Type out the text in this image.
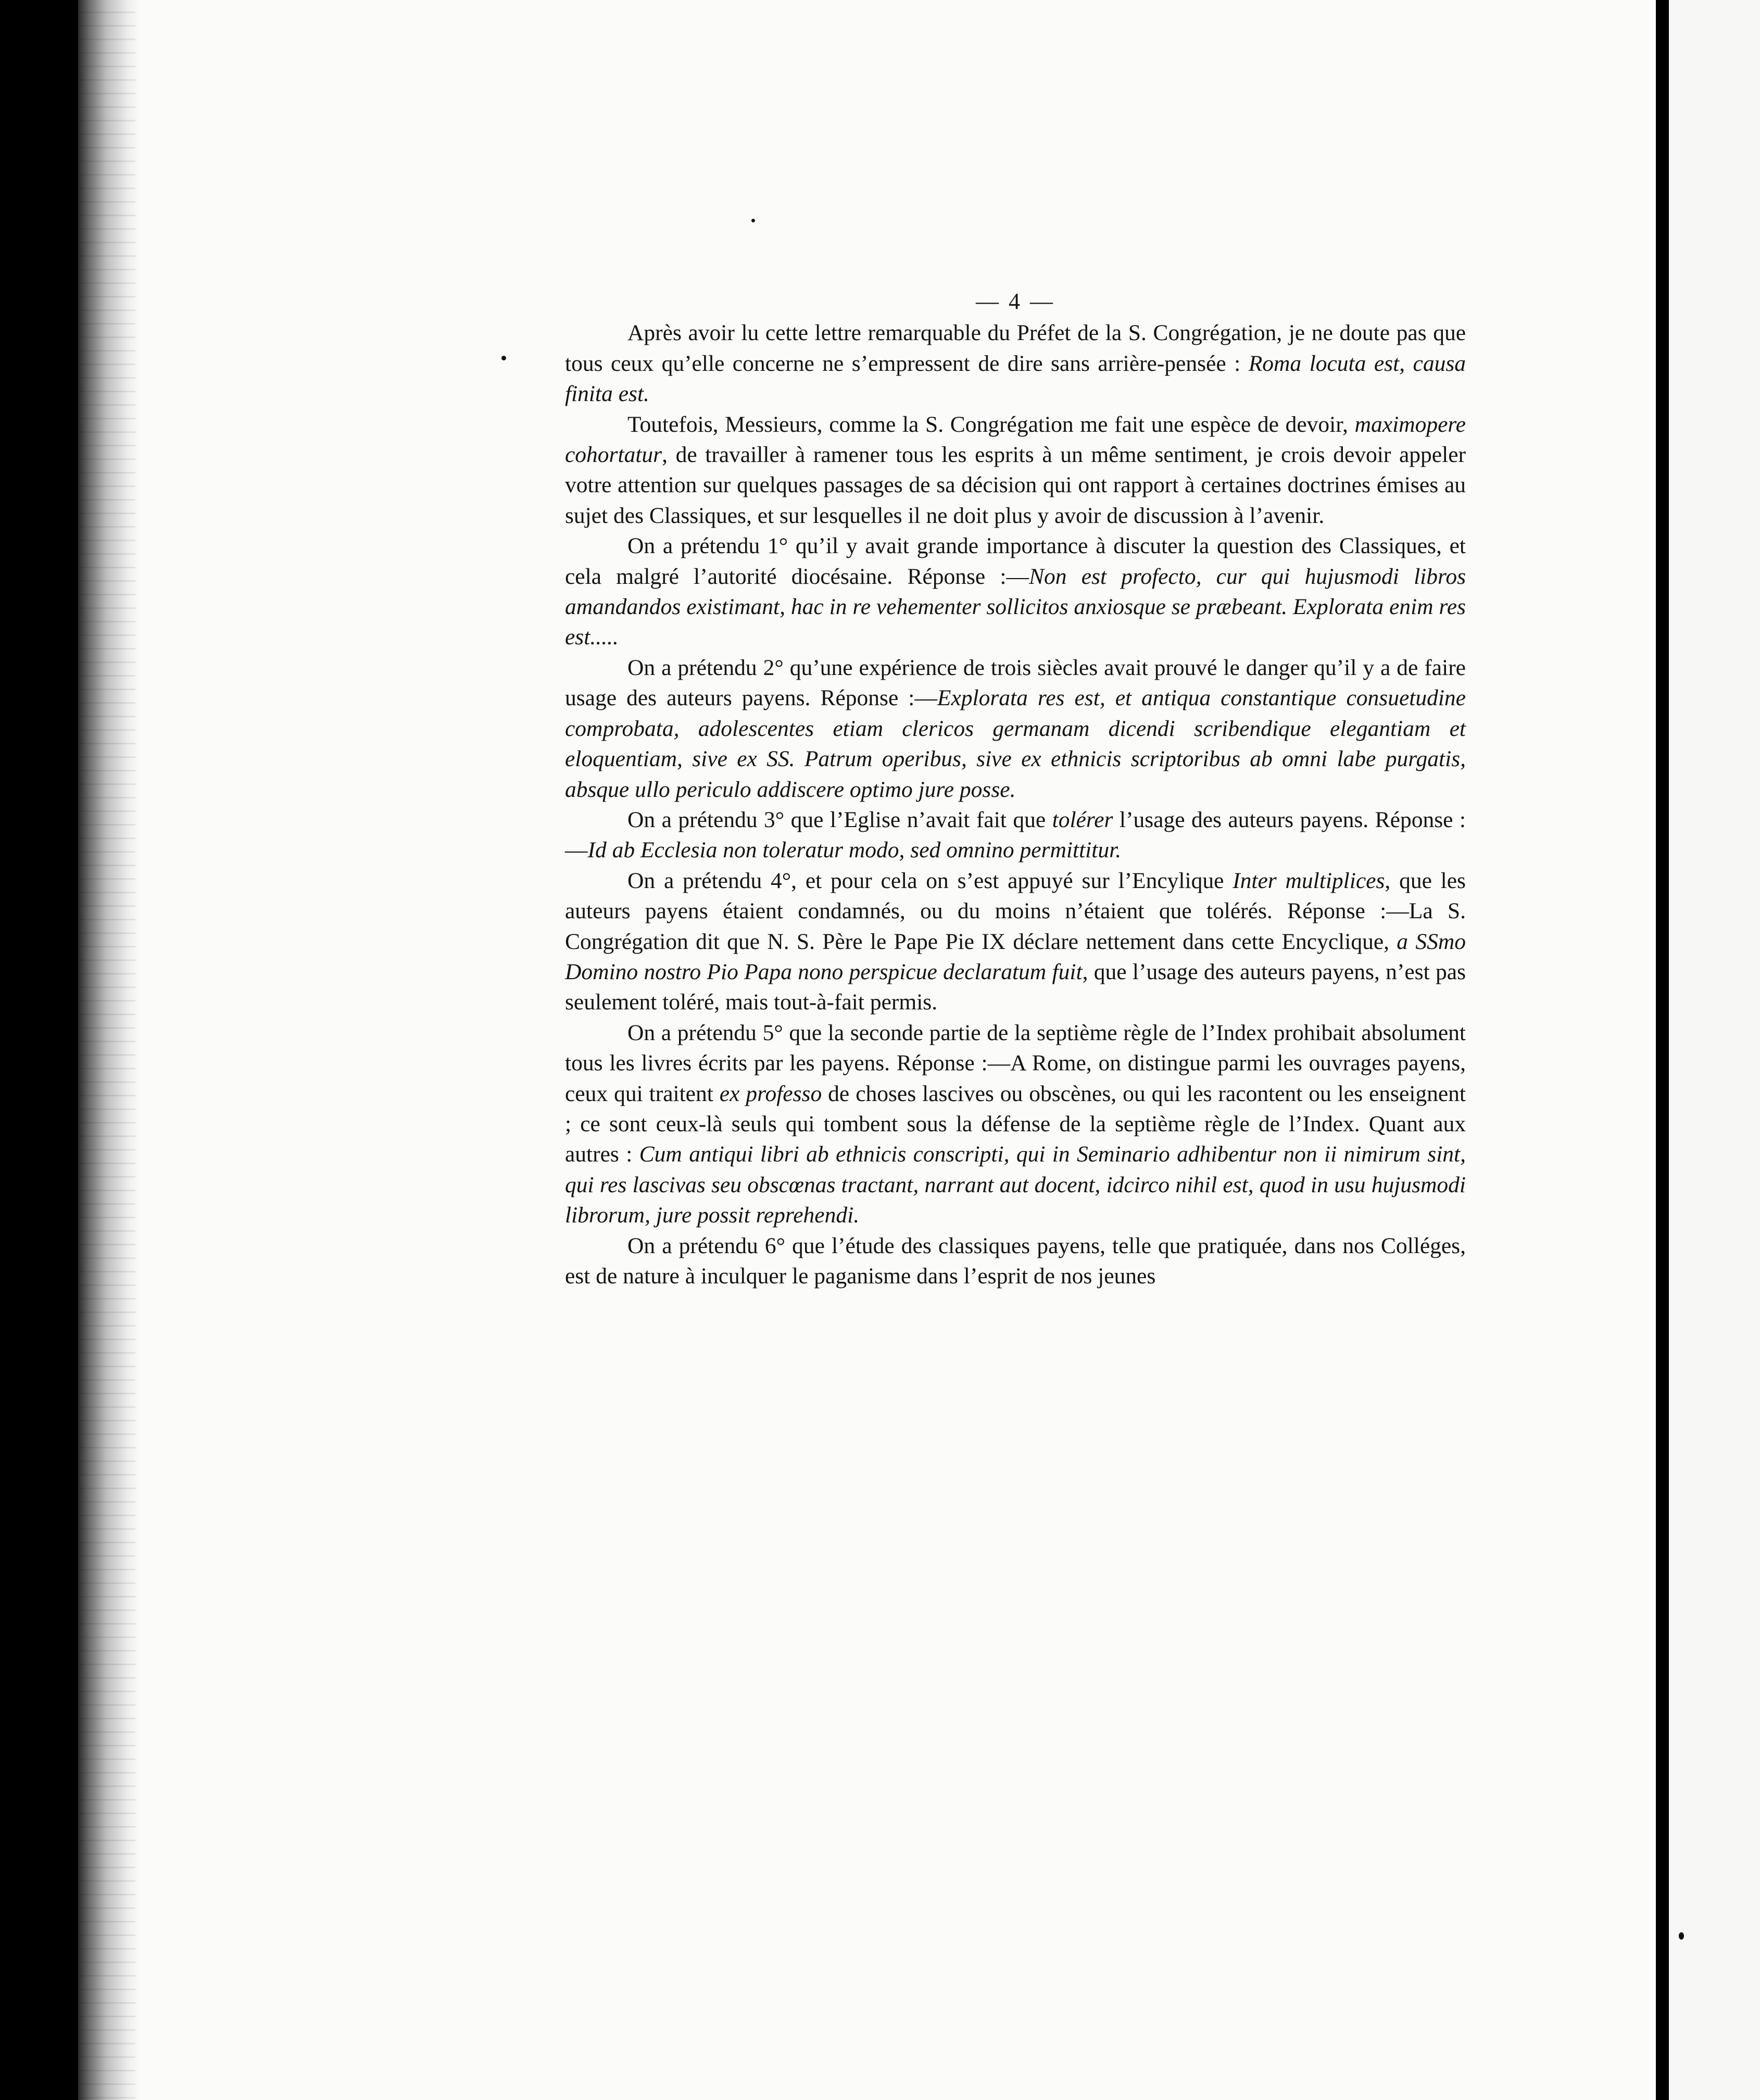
— 4 —

Après avoir lu cette lettre remarquable du Préfet de la S. Congrégation, je ne doute pas que tous ceux qu’elle concerne ne s’empressent de dire sans arrière-pensée : Roma locuta est, causa finita est.

Toutefois, Messieurs, comme la S. Congrégation me fait une espèce de devoir, maximopere cohortatur, de travailler à ramener tous les esprits à un même sentiment, je crois devoir appeler votre attention sur quelques passages de sa décision qui ont rapport à certaines doctrines émises au sujet des Classiques, et sur lesquelles il ne doit plus y avoir de discussion à l’avenir.

On a prétendu 1° qu’il y avait grande importance à discuter la question des Classiques, et cela malgré l’autorité diocésaine. Réponse :—Non est profecto, cur qui hujusmodi libros amandandos existimant, hac in re vehementer sollicitos anxiosque se præbeant. Explorata enim res est.....

On a prétendu 2° qu’une expérience de trois siècles avait prouvé le danger qu’il y a de faire usage des auteurs payens. Réponse :—Explorata res est, et antiqua constantique consuetudine comprobata, adolescentes etiam clericos germanam dicendi scribendique elegantiam et eloquentiam, sive ex SS. Patrum operibus, sive ex ethnicis scriptoribus ab omni labe purgatis, absque ullo periculo addiscere optimo jure posse.

On a prétendu 3° que l’Eglise n’avait fait que tolérer l’usage des auteurs payens. Réponse :—Id ab Ecclesia non toleratur modo, sed omnino permittitur.

On a prétendu 4°, et pour cela on s’est appuyé sur l’Encylique Inter multiplices, que les auteurs payens étaient condamnés, ou du moins n’étaient que tolérés. Réponse :—La S. Congrégation dit que N. S. Père le Pape Pie IX déclare nettement dans cette Encyclique, a SSmo Domino nostro Pio Papa nono perspicue declaratum fuit, que l’usage des auteurs payens, n’est pas seulement toléré, mais tout-à-fait permis.

On a prétendu 5° que la seconde partie de la septième règle de l’Index prohibait absolument tous les livres écrits par les payens. Réponse :—A Rome, on distingue parmi les ouvrages payens, ceux qui traitent ex professo de choses lascives ou obscènes, ou qui les racontent ou les enseignent ; ce sont ceux-là seuls qui tombent sous la défense de la septième règle de l’Index. Quant aux autres : Cum antiqui libri ab ethnicis conscripti, qui in Seminario adhibentur non ii nimirum sint, qui res lascivas seu obscœnas tractant, narrant aut docent, idcirco nihil est, quod in usu hujusmodi librorum, jure possit reprehendi.

On a prétendu 6° que l’étude des classiques payens, telle que pratiquée, dans nos Colléges, est de nature à inculquer le paganisme dans l’esprit de nos jeunes
